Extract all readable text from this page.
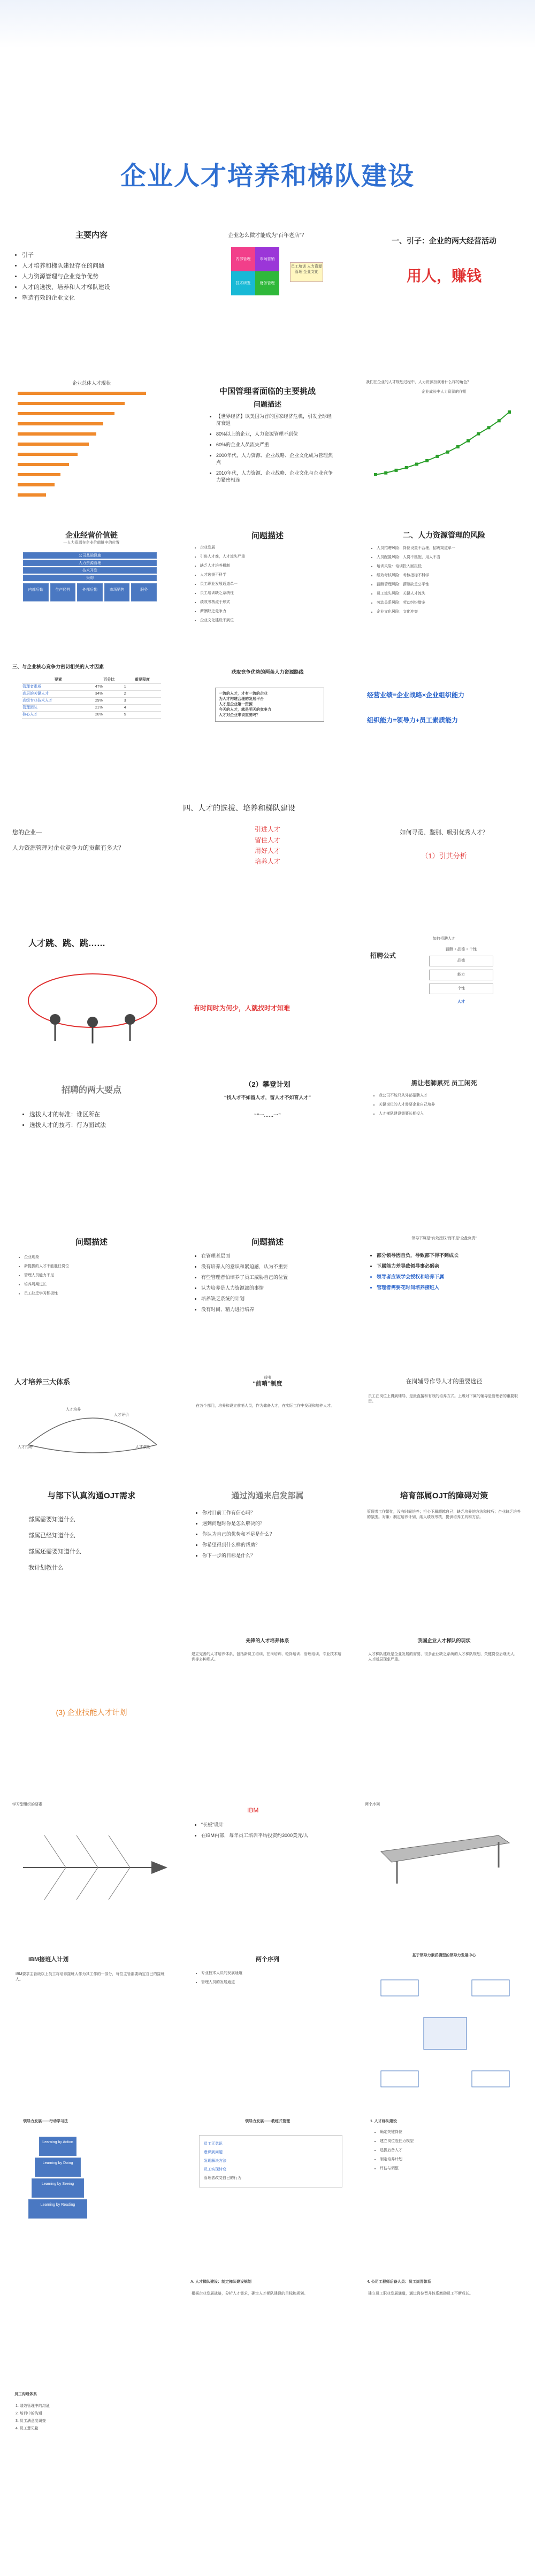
企业人才培养和梯队建设
主要内容
• 引子
• 人才培养和梯队建设存在的问题
• 人力资源管理与企业竞争优势
• 人才的选拔、培养和人才梯队建设
• 塑造有效的企业文化
企业怎么做才能成为“百年老店”？
内部管理	市场营销
技术研发	财务管理
员工培训 人力资源管理 企业文化
一、引子：企业的两大经营活动
用人，赚钱
企业总体人才现状
中国管理者面临的主要挑战
问题描述
• 【世界经济】以美国为首的国家经济危机，引发全球经济衰退
• 80%以上的企业，人力资源管理不到位
• 60%的企业人员流失严重
• 2000年代，人力资源、企业战略、企业文化成为管理焦点
• 2010年代，人力资源、企业战略、企业文化与企业竞争力紧密相连
我们在企业的人才规划过程中，人力资源扮演着什么样的角色？
企业成长中人力资源的作用
企业经营价值链
—人力资源在企业价值链中的位置
公司基础设施
人力资源管理
技术开发
采购
内部后勤	生产经营	外部后勤	市场销售	服务
问题描述
• 企业发展
• 引进人才难，人才流失严重
• 缺乏人才培养机制
• 人才选拔不科学
• 员工职业发展通道单一
• 员工培训缺乏系统性
• 绩效考核流于形式
• 薪酬缺乏竞争力
• 企业文化建设不到位
二、人力资源管理的风险
• 人员招聘风险：岗位设置不合理，招聘渠道单一
• 人员配置风险：人岗不匹配，用人不当
• 培训风险：培训投入回报低
• 绩效考核风险：考核指标不科学
• 薪酬管理风险：薪酬缺乏公平性
• 员工流失风险：关键人才流失
• 劳动关系风险：劳动纠纷增多
• 企业文化风险：文化冲突
三、与企业核心竞争力密切相关的人才因素
要素	百分比	重要程度
管理者素质	47%	1
高层的关键人才	34%	2
高级专业技术人才	29%	3
管理团队	21%	4
核心人才	20%	5
获取竞争优势的两条人力资源路线
一流的人才，才有一流的企业
为人才构建合理的发展平台
人才是企业第一资源
今天的人才，就是明天的竞争力
人才对企业来说重要吗？
经营业绩=企业战略×企业组织能力
组织能力=领导力+员工素质能力
四、人才的选拔、培养和梯队建设
您的企业—
人力资源管理对企业竞争力的贡献有多大？
引进人才
留住人才
用好人才
培养人才
如何寻觅、鉴别、吸引优秀人才？
（1）引其分析
人才跳、跳、跳……
有时间时为何少，人就找时才知难
如何招聘人才
招聘公式
薪酬 + 品德 + 个性
品德
能力
个性
人才
招聘的两大要点
• 选拔人才的标准：谁区所在
• 选拔人才的技巧：行为面试法
（2）攀登计划
“找人才不如留人才，留人才不如育人才”
““一……一”
黑让老師累死 员工闲死
• 我公司不能只从外部招聘人才
• 关键岗位的人才需要企业自己培养
• 人才梯队建设需要长期投入
问题描述
• 企业现象
• 新提拔的人才不能胜任岗位
• 管理人员能力不足
• 培养周期过长
• 员工缺乏学习积极性
问题描述
• 在管理者层面
• 没有培养人的意识和紧迫感，认为不重要
• 有些管理者怕培养了员工威胁自己的位置
• 认为培养是人力资源部的事情
• 培养缺乏系统的计划
• 没有时间、精力进行培养
领导下属是“有效授权”而不是“全盘负责”
• 部分领导因自负，导致部下得不到成长
• 下属能力差导致领导事必躬亲
• 领导者应该学会授权和培养下属
• 管理者需要花时间培养接班人
人才培养三大体系
人才招聘
人才培养
人才评价
人才激励
前哨
“前哨”制度
在各个部门，培养和设立前哨人员，作为储备人才，在实际工作中发现和培养人才。
在岗辅导作导人才的重要途径
员工在岗位上得到辅导，是最直接和有效的培养方式。上级对下属的辅导是管理者的重要职责。
与部下认真沟通OJT需求
部属需要知道什么
部属已经知道什么
部属还需要知道什么
我计划教什么
通过沟通来启发部属
• 你对目前工作有信心吗？
• 遇到问题时你是怎么解决的？
• 你认为自己的优势和不足是什么？
• 你希望得到什么样的帮助？
• 你下一步的目标是什么？
培育部属OJT的障碍对策
管理者工作繁忙，没有时间培养；担心下属超越自己；缺乏培养的方法和技巧；企业缺乏培养的氛围。对策：制定培养计划，纳入绩效考核，提供培养工具和方法。
(3) 企业技能人才计划
先锋的人才培养体系
建立完善的人才培养体系，包括新员工培训、在岗培训、轮岗培训、管理培训、专业技术培训等多种形式。
我国企业人才梯队的现状
人才梯队建设是企业发展的需要，很多企业缺乏系统的人才梯队规划，关键岗位后继无人，人才断层现象严重。
学习型组织的要素
IBM
• “长板”设计
• 在IBM内部，每年员工培训平均投资约3000美元/人
两个序列
IBM接班人计划
IBM要求主管级以上员工将培养接班人作为其工作的一部分，每位主管都要确定自己的接班人。
两个序列
• 专业技术人员的发展通道
• 管理人员的发展通道
基于领导力素质模型的领导力发展中心
领导力发展——行动学习法
Learning by Action
Learning by Doing
Learning by Seeing
Learning by Reading
领导力发展——教练式管理
员工无意识
意识到问题
发现解决方法
员工实现转变
管理者改变自己的行为
1. 人才梯队建设
• 确定关键岗位
• 建立岗位胜任力模型
• 选拔后备人才
• 制定培养计划
• 评估与调整
A. 人才梯队建设：制定梯队建设规划
根据企业发展战略，分析人才需求，确定人才梯队建设的目标和规划。
4. 公司工程师后备人员：员工岗晋体系
建立员工职业发展通道，通过岗位晋升体系激励员工不断成长。
员工沟通体系
1. 绩效管理中的沟通
2. 培训中的沟通
3. 员工满意度调查
4. 员工意见箱
